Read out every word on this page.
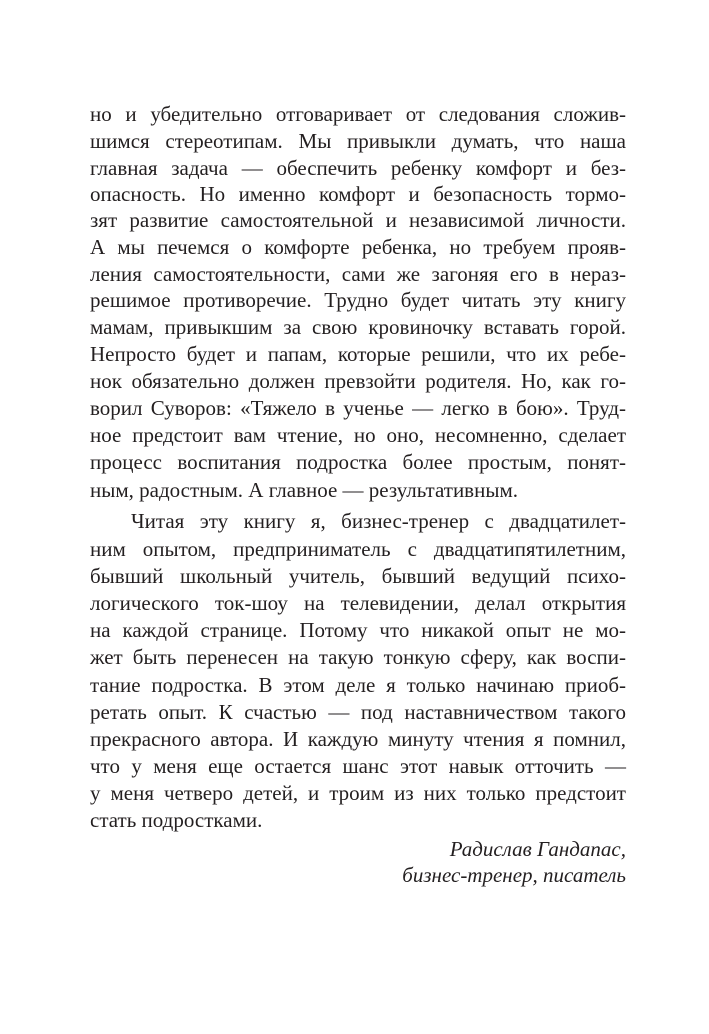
но и убедительно отговаривает от следования сложив-
шимся стереотипам. Мы привыкли думать, что наша
главная задача — обеспечить ребенку комфорт и без-
опасность. Но именно комфорт и безопасность тормо-
зят развитие самостоятельной и независимой личности.
А мы печемся о комфорте ребенка, но требуем прояв-
ления самостоятельности, сами же загоняя его в нераз-
решимое противоречие. Трудно будет читать эту книгу
мамам, привыкшим за свою кровиночку вставать горой.
Непросто будет и папам, которые решили, что их ребе-
нок обязательно должен превзойти родителя. Но, как го-
ворил Суворов: «Тяжело в ученье — легко в бою». Труд-
ное предстоит вам чтение, но оно, несомненно, сделает
процесс воспитания подростка более простым, понят-
ным, радостным. А главное — результативным.
Читая эту книгу я, бизнес-тренер с двадцатилет-
ним опытом, предприниматель с двадцатипятилетним,
бывший школьный учитель, бывший ведущий психо-
логического ток-шоу на телевидении, делал открытия
на каждой странице. Потому что никакой опыт не мо-
жет быть перенесен на такую тонкую сферу, как воспи-
тание подростка. В этом деле я только начинаю приоб-
ретать опыт. К счастью — под наставничеством такого
прекрасного автора. И каждую минуту чтения я помнил,
что у меня еще остается шанс этот навык отточить —
у меня четверо детей, и троим из них только предстоит
стать подростками.
Радислав Гандапас,
бизнес-тренер, писатель
